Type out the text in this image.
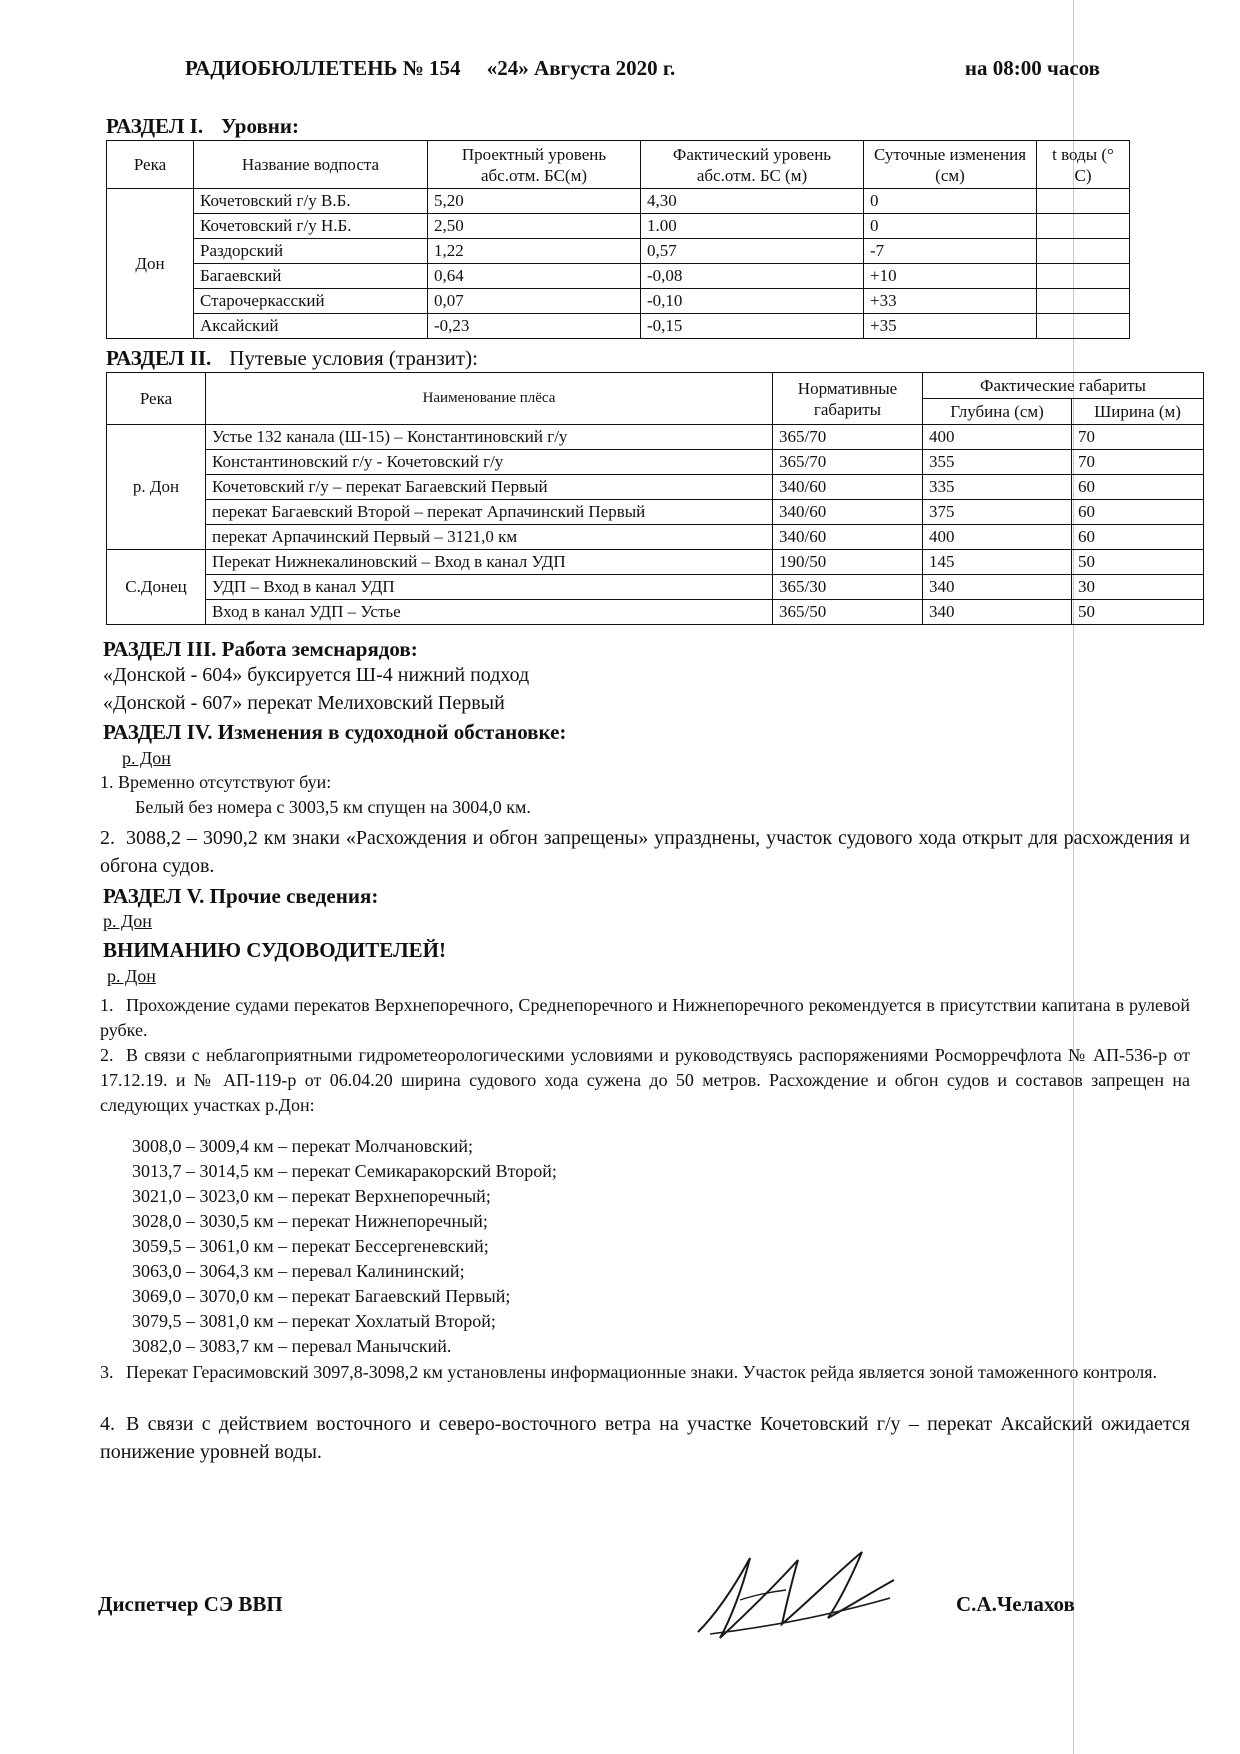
РАДИОБЮЛЛЕТЕНЬ № 154 «24» Августа 2020 г.	на 08:00 часов
РАЗДЕЛ I. Уровни:
Река	Название водпоста	Проектный уровень абс.отм. БС(м)	Фактический уровень абс.отм. БС (м)	Суточные изменения (см)	t воды (° С)
Дон	Кочетовский г/у В.Б.	5,20	4,30	0	
	Кочетовский г/у Н.Б.	2,50	1.00	0	
	Раздорский	1,22	0,57	-7	
	Багаевский	0,64	-0,08	+10	
	Старочеркасский	0,07	-0,10	+33	
	Аксайский	-0,23	-0,15	+35	
РАЗДЕЛ II. Путевые условия (транзит):
Река	Наименование плёса	Нормативные габариты	Фактические габариты	
			Глубина (см)	Ширина (м)
р. Дон	Устье 132 канала (Ш-15) – Константиновский г/у	365/70	400	70
	Константиновский г/у - Кочетовский г/у	365/70	355	70
	Кочетовский г/у – перекат Багаевский Первый	340/60	335	60
	перекат Багаевский Второй – перекат Арпачинский Первый	340/60	375	60
	перекат Арпачинский Первый – 3121,0 км	340/60	400	60
С.Донец	Перекат Нижнекалиновский – Вход в канал УДП	190/50	145	50
	УДП – Вход в канал УДП	365/30	340	30
	Вход в канал УДП – Устье	365/50	340	50
РАЗДЕЛ III. Работа земснарядов:
«Донской - 604» буксируется Ш-4 нижний подход
«Донской - 607» перекат Мелиховский Первый
РАЗДЕЛ IV. Изменения в судоходной обстановке:
р. Дон
1. Временно отсутствуют буи:
Белый без номера с 3003,5 км спущен на 3004,0 км.
2. 3088,2 – 3090,2 км знаки «Расхождения и обгон запрещены» упразднены, участок судового хода открыт для расхождения и обгона судов.
РАЗДЕЛ V. Прочие сведения:
р. Дон
ВНИМАНИЮ СУДОВОДИТЕЛЕЙ!
р. Дон
1. Прохождение судами перекатов Верхнепоречного, Среднепоречного и Нижнепоречного рекомендуется в присутствии капитана в рулевой рубке.
2. В связи с неблагоприятными гидрометеорологическими условиями и руководствуясь распоряжениями Росморречфлота № АП-536-р от 17.12.19. и № АП-119-р от 06.04.20 ширина судового хода сужена до 50 метров. Расхождение и обгон судов и составов запрещен на следующих участках р.Дон:
3008,0 – 3009,4 км – перекат Молчановский;
3013,7 – 3014,5 км – перекат Семикаракорский Второй;
3021,0 – 3023,0 км – перекат Верхнепоречный;
3028,0 – 3030,5 км – перекат Нижнепоречный;
3059,5 – 3061,0 км – перекат Бессергеневский;
3063,0 – 3064,3 км – перевал Калининский;
3069,0 – 3070,0 км – перекат Багаевский Первый;
3079,5 – 3081,0 км – перекат Хохлатый Второй;
3082,0 – 3083,7 км – перевал Манычский.
3. Перекат Герасимовский 3097,8-3098,2 км установлены информационные знаки. Участок рейда является зоной таможенного контроля.
4. В связи с действием восточного и северо-восточного ветра на участке Кочетовский г/у – перекат Аксайский ожидается понижение уровней воды.
Диспетчер СЭ ВВП	С.А.Челахов
